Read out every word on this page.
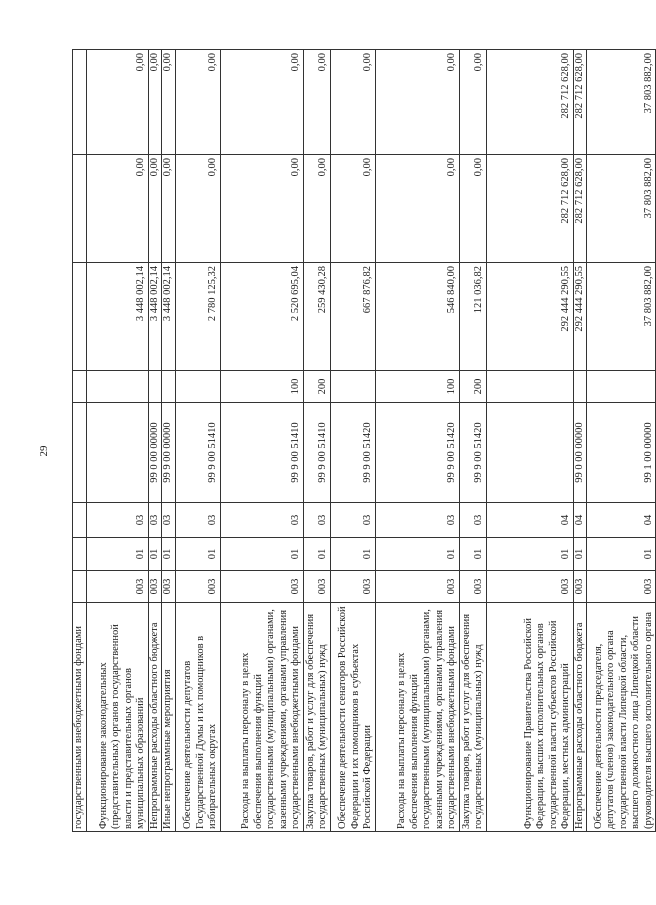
29
государственными внебюджетными фондами								
Функционирование законодательных (представительных) органов государственной власти и представительных органов муниципальных образований	003	01	03			3 448 002,14	0,00	0,00
Непрограммные расходы областного бюджета	003	01	03	99 0 00 00000		3 448 002,14	0,00	0,00
Иные непрограммные мероприятия	003	01	03	99 9 00 00000		3 448 002,14	0,00	0,00
Обеспечение деятельности депутатов Государственной Думы и их помощников в избирательных округах	003	01	03	99 9 00 51410		2 780 125,32	0,00	0,00
Расходы на выплаты персоналу в целях обеспечения выполнения функций государственными (муниципальными) органами, казенными учреждениями, органами управления государственными внебюджетными фондами	003	01	03	99 9 00 51410	100	2 520 695,04	0,00	0,00
Закупка товаров, работ и услуг для обеспечения государственных (муниципальных) нужд	003	01	03	99 9 00 51410	200	259 430,28	0,00	0,00
Обеспечение деятельности сенаторов Российской Федерации и их помощников в субъектах Российской Федерации	003	01	03	99 9 00 51420		667 876,82	0,00	0,00
Расходы на выплаты персоналу в целях обеспечения выполнения функций государственными (муниципальными) органами, казенными учреждениями, органами управления государственными внебюджетными фондами	003	01	03	99 9 00 51420	100	546 840,00	0,00	0,00
Закупка товаров, работ и услуг для обеспечения государственных (муниципальных) нужд	003	01	03	99 9 00 51420	200	121 036,82	0,00	0,00
Функционирование Правительства Российской Федерации, высших исполнительных органов государственной власти субъектов Российской Федерации, местных администраций	003	01	04			292 444 290,55	282 712 628,00	282 712 628,00
Непрограммные расходы областного бюджета	003	01	04	99 0 00 00000		292 444 290,55	282 712 628,00	282 712 628,00
Обеспечение деятельности председателя, депутатов (членов) законодательного органа государственной власти Липецкой области, высшего должностного лица Липецкой области (руководителя высшего исполнительного органа	003	01	04	99 1 00 00000		37 803 882,00	37 803 882,00	37 803 882,00
